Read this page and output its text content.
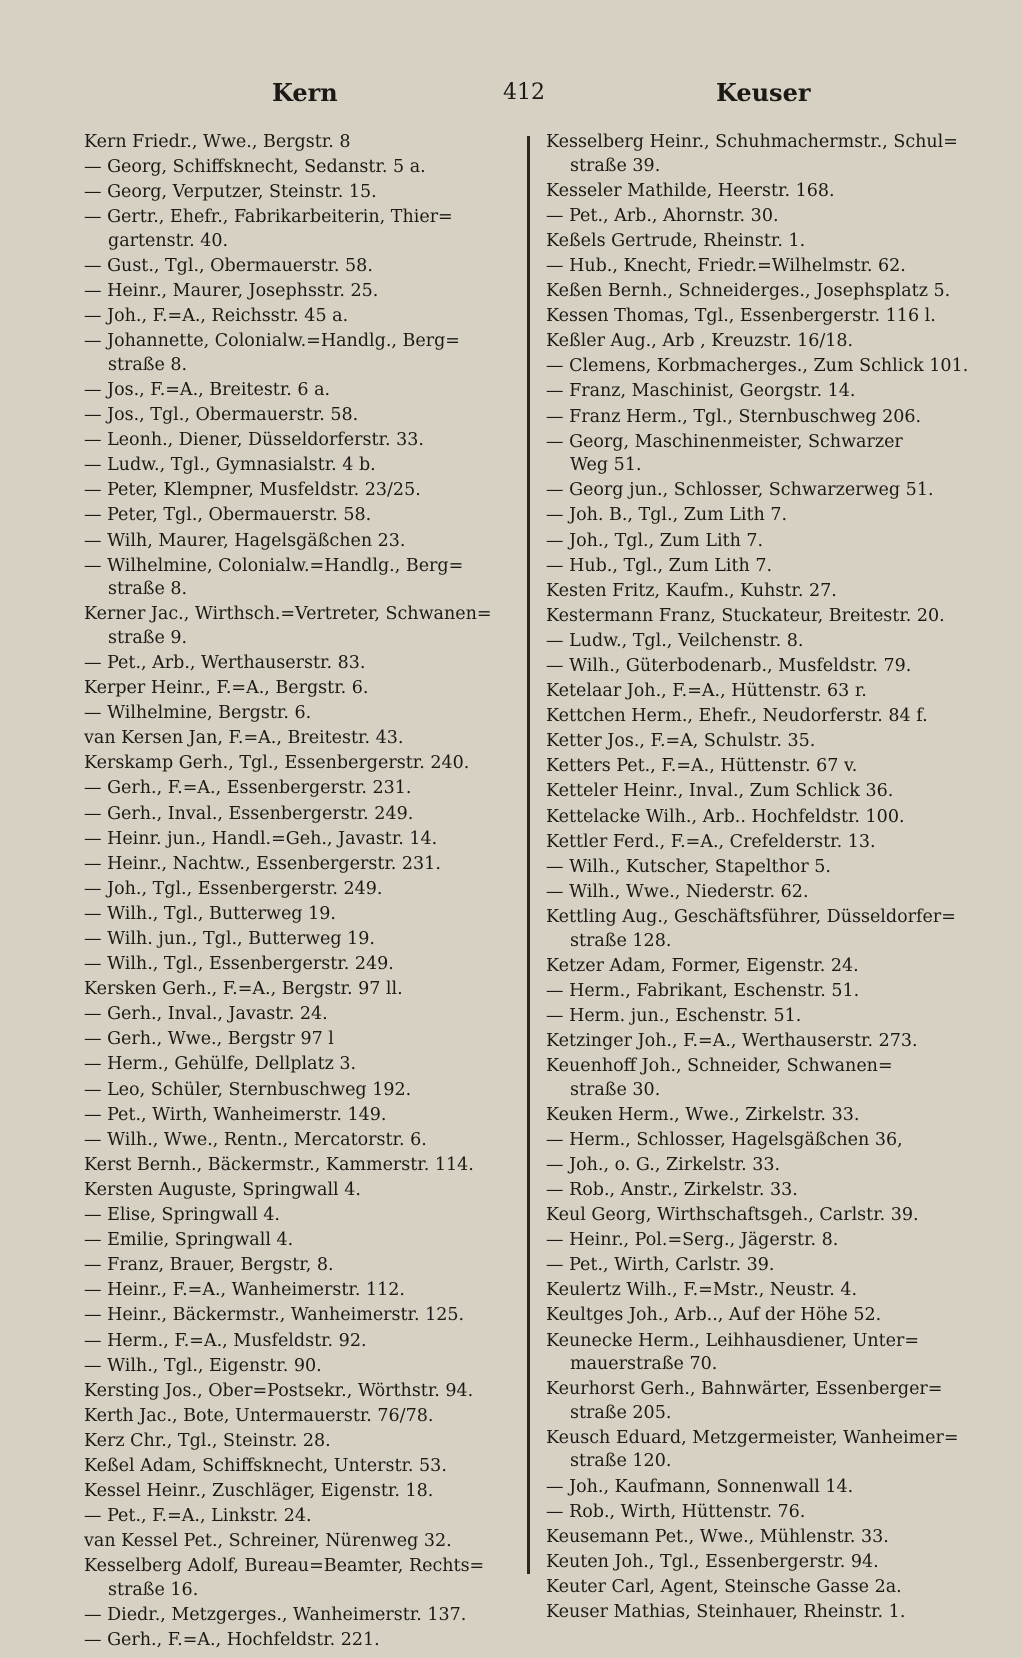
Kern	412	Keuser
Kern Friedr., Wwe., Bergstr. 8
— Georg, Schiffsknecht, Sedanstr. 5 a.
— Georg, Verputzer, Steinstr. 15.
— Gertr., Ehefr., Fabrikarbeiterin, Thier=
gartenstr. 40.
— Gust., Tgl., Obermauerstr. 58.
— Heinr., Maurer, Josephsstr. 25.
— Joh., F.=A., Reichsstr. 45 a.
— Johannette, Colonialw.=Handlg., Berg=
straße 8.
— Jos., F.=A., Breitestr. 6 a.
— Jos., Tgl., Obermauerstr. 58.
— Leonh., Diener, Düsseldorferstr. 33.
— Ludw., Tgl., Gymnasialstr. 4 b.
— Peter, Klempner, Musfeldstr. 23/25.
— Peter, Tgl., Obermauerstr. 58.
— Wilh, Maurer, Hagelsgäßchen 23.
— Wilhelmine, Colonialw.=Handlg., Berg=
straße 8.
Kerner Jac., Wirthsch.=Vertreter, Schwanen=
straße 9.
— Pet., Arb., Werthauserstr. 83.
Kerper Heinr., F.=A., Bergstr. 6.
— Wilhelmine, Bergstr. 6.
van Kersen Jan, F.=A., Breitestr. 43.
Kerskamp Gerh., Tgl., Essenbergerstr. 240.
— Gerh., F.=A., Essenbergerstr. 231.
— Gerh., Inval., Essenbergerstr. 249.
— Heinr. jun., Handl.=Geh., Javastr. 14.
— Heinr., Nachtw., Essenbergerstr. 231.
— Joh., Tgl., Essenbergerstr. 249.
— Wilh., Tgl., Butterweg 19.
— Wilh. jun., Tgl., Butterweg 19.
— Wilh., Tgl., Essenbergerstr. 249.
Kersken Gerh., F.=A., Bergstr. 97 ll.
— Gerh., Inval., Javastr. 24.
— Gerh., Wwe., Bergstr 97 l
— Herm., Gehülfe, Dellplatz 3.
— Leo, Schüler, Sternbuschweg 192.
— Pet., Wirth, Wanheimerstr. 149.
— Wilh., Wwe., Rentn., Mercatorstr. 6.
Kerst Bernh., Bäckermstr., Kammerstr. 114.
Kersten Auguste, Springwall 4.
— Elise, Springwall 4.
— Emilie, Springwall 4.
— Franz, Brauer, Bergstr, 8.
— Heinr., F.=A., Wanheimerstr. 112.
— Heinr., Bäckermstr., Wanheimerstr. 125.
— Herm., F.=A., Musfeldstr. 92.
— Wilh., Tgl., Eigenstr. 90.
Kersting Jos., Ober=Postsekr., Wörthstr. 94.
Kerth Jac., Bote, Untermauerstr. 76/78.
Kerz Chr., Tgl., Steinstr. 28.
Keßel Adam, Schiffsknecht, Unterstr. 53.
Kessel Heinr., Zuschläger, Eigenstr. 18.
— Pet., F.=A., Linkstr. 24.
van Kessel Pet., Schreiner, Nürenweg 32.
Kesselberg Adolf, Bureau=Beamter, Rechts=
straße 16.
— Diedr., Metzgerges., Wanheimerstr. 137.
— Gerh., F.=A., Hochfeldstr. 221.
Kesselberg Heinr., Schuhmachermstr., Schul=
straße 39.
Kesseler Mathilde, Heerstr. 168.
— Pet., Arb., Ahornstr. 30.
Keßels Gertrude, Rheinstr. 1.
— Hub., Knecht, Friedr.=Wilhelmstr. 62.
Keßen Bernh., Schneiderges., Josephsplatz 5.
Kessen Thomas, Tgl., Essenbergerstr. 116 l.
Keßler Aug., Arb , Kreuzstr. 16/18.
— Clemens, Korbmacherges., Zum Schlick 101.
— Franz, Maschinist, Georgstr. 14.
— Franz Herm., Tgl., Sternbuschweg 206.
— Georg, Maschinenmeister, Schwarzer
Weg 51.
— Georg jun., Schlosser, Schwarzerweg 51.
— Joh. B., Tgl., Zum Lith 7.
— Joh., Tgl., Zum Lith 7.
— Hub., Tgl., Zum Lith 7.
Kesten Fritz, Kaufm., Kuhstr. 27.
Kestermann Franz, Stuckateur, Breitestr. 20.
— Ludw., Tgl., Veilchenstr. 8.
— Wilh., Güterbodenarb., Musfeldstr. 79.
Ketelaar Joh., F.=A., Hüttenstr. 63 r.
Kettchen Herm., Ehefr., Neudorferstr. 84 f.
Ketter Jos., F.=A, Schulstr. 35.
Ketters Pet., F.=A., Hüttenstr. 67 v.
Ketteler Heinr., Inval., Zum Schlick 36.
Kettelacke Wilh., Arb.. Hochfeldstr. 100.
Kettler Ferd., F.=A., Crefelderstr. 13.
— Wilh., Kutscher, Stapelthor 5.
— Wilh., Wwe., Niederstr. 62.
Kettling Aug., Geschäftsführer, Düsseldorfer=
straße 128.
Ketzer Adam, Former, Eigenstr. 24.
— Herm., Fabrikant, Eschenstr. 51.
— Herm. jun., Eschenstr. 51.
Ketzinger Joh., F.=A., Werthauserstr. 273.
Keuenhoff Joh., Schneider, Schwanen=
straße 30.
Keuken Herm., Wwe., Zirkelstr. 33.
— Herm., Schlosser, Hagelsgäßchen 36,
— Joh., o. G., Zirkelstr. 33.
— Rob., Anstr., Zirkelstr. 33.
Keul Georg, Wirthschaftsgeh., Carlstr. 39.
— Heinr., Pol.=Serg., Jägerstr. 8.
— Pet., Wirth, Carlstr. 39.
Keulertz Wilh., F.=Mstr., Neustr. 4.
Keultges Joh., Arb.., Auf der Höhe 52.
Keunecke Herm., Leihhausdiener, Unter=
mauerstraße 70.
Keurhorst Gerh., Bahnwärter, Essenberger=
straße 205.
Keusch Eduard, Metzgermeister, Wanheimer=
straße 120.
— Joh., Kaufmann, Sonnenwall 14.
— Rob., Wirth, Hüttenstr. 76.
Keusemann Pet., Wwe., Mühlenstr. 33.
Keuten Joh., Tgl., Essenbergerstr. 94.
Keuter Carl, Agent, Steinsche Gasse 2a.
Keuser Mathias, Steinhauer, Rheinstr. 1.
